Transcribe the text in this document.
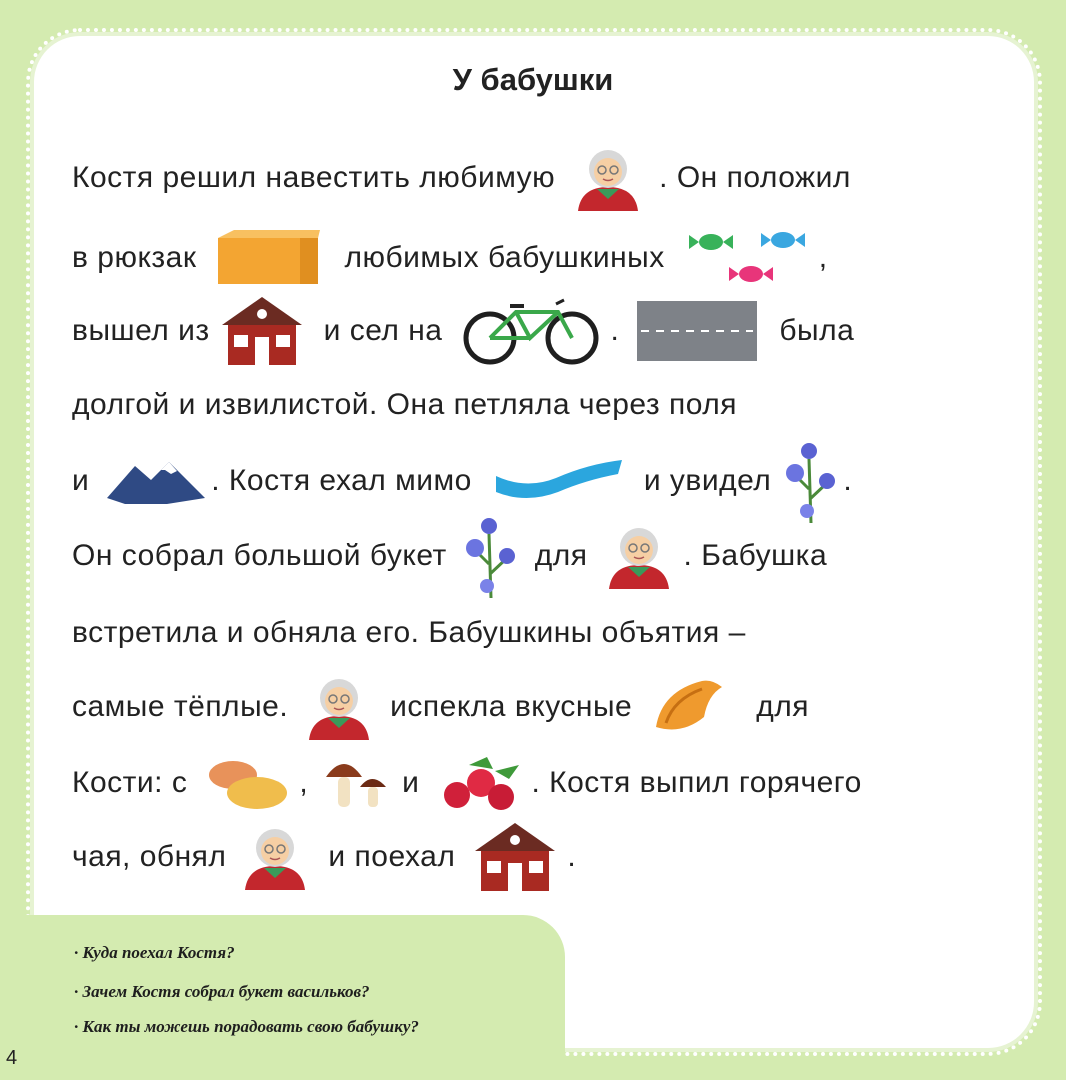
У бабушки
Костя решил навестить любимую	. Он положил
в рюкзак	любимых бабушкиных	,
вышел из	и сел на	.	была
долгой и извилистой. Она петляла через поля
и	. Костя ехал мимо	и увидел .
Он собрал большой букет	для	. Бабушка
встретила и обняла его. Бабушкины объятия –
самые тёплые.	испекла вкусные	для
Кости: с	,	и	. Костя выпил горячего
чая, обнял	и поехал	.
· Куда поехал Костя?
· Зачем Костя собрал букет васильков?
· Как ты можешь порадовать свою бабушку?
4
